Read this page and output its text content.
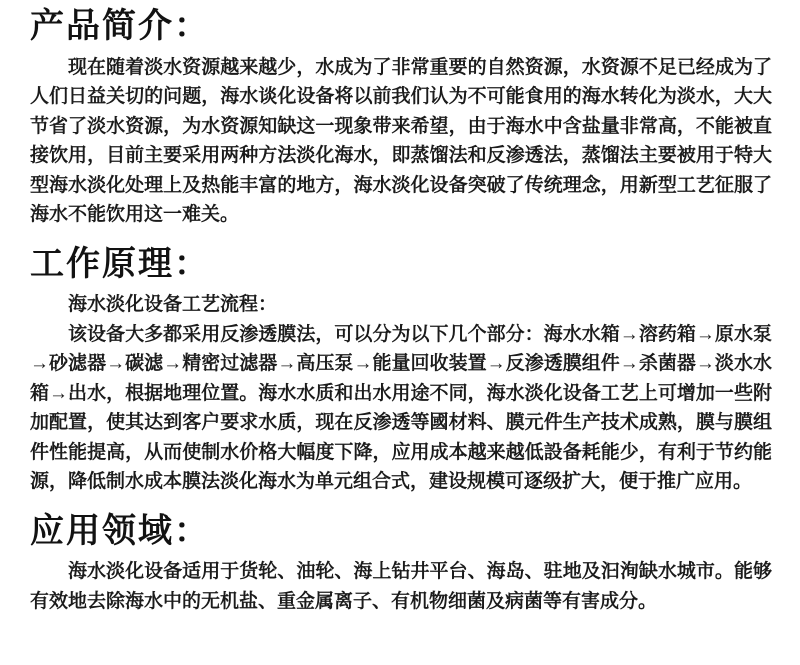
产品简介：

现在随着淡水资源越来越少，水成为了非常重要的自然资源，水资源不足已经成为了人们日益关切的问题，海水谈化设备将以前我们认为不可能食用的海水转化为淡水，大大节省了淡水资源，为水资源知缺这一现象带来希望，由于海水中含盐量非常高，不能被直接饮用，目前主要采用两种方法淡化海水，即蒸馏法和反渗透法，蒸馏法主要被用于特大型海水淡化处理上及热能丰富的地方，海水淡化设备突破了传统理念，用新型工艺征服了海水不能饮用这一难关。

工作原理：

海水淡化设备工艺流程：

该设备大多都采用反渗透膜法，可以分为以下几个部分：海水水箱→溶药箱→原水泵→砂滤器→碳滤→精密过滤器→高压泵→能量回收装置→反渗透膜组件→杀菌器→淡水水箱→出水，根据地理位置。海水水质和出水用途不同，海水淡化设备工艺上可增加一些附加配置，使其达到客户要求水质，现在反渗透等國材料、膜元件生产技术成熟，膜与膜组件性能提高，从而使制水价格大幅度下降，应用成本越来越低設备耗能少，有利于节约能源，降低制水成本膜法淡化海水为单元组合式，建设规模可逐级扩大，便于推广应用。

应用领域：

海水淡化设备适用于货轮、油轮、海上钻井平台、海岛、驻地及汩洵缺水城市。能够有效地去除海水中的无机盐、重金属离子、有机物细菌及病菌等有害成分。
